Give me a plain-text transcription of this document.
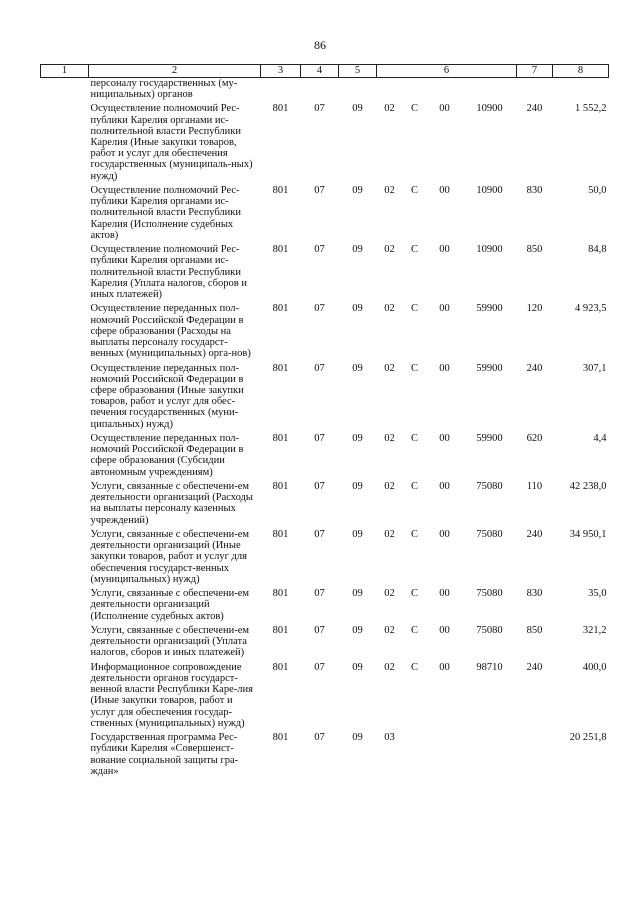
86
1	2	3	4	5	6				7	8
	персоналу государственных (му-ниципальных) органов									
	Осуществление полномочий Рес-публики Карелия органами ис-полнительной власти Республики Карелия (Иные закупки товаров, работ и услуг для обеспечения государственных (муниципаль-ных) нужд)	801	07	09	02	С	00	10900	240	1 552,2
	Осуществление полномочий Рес-публики Карелия органами ис-полнительной власти Республики Карелия (Исполнение судебных актов)	801	07	09	02	С	00	10900	830	50,0
	Осуществление полномочий Рес-публики Карелия органами ис-полнительной власти Республики Карелия (Уплата налогов, сборов и иных платежей)	801	07	09	02	С	00	10900	850	84,8
	Осуществление переданных пол-номочий Российской Федерации в сфере образования (Расходы на выплаты персоналу государст-венных (муниципальных) орга-нов)	801	07	09	02	С	00	59900	120	4 923,5
	Осуществление переданных пол-номочий Российской Федерации в сфере образования (Иные закупки товаров, работ и услуг для обес-печения государственных (муни-ципальных) нужд)	801	07	09	02	С	00	59900	240	307,1
	Осуществление переданных пол-номочий Российской Федерации в сфере образования (Субсидии автономным учреждениям)	801	07	09	02	С	00	59900	620	4,4
	Услуги, связанные с обеспечени-ем деятельности организаций (Расходы на выплаты персоналу казенных учреждений)	801	07	09	02	С	00	75080	110	42 238,0
	Услуги, связанные с обеспечени-ем деятельности организаций (Иные закупки товаров, работ и услуг для обеспечения государст-венных (муниципальных) нужд)	801	07	09	02	С	00	75080	240	34 950,1
	Услуги, связанные с обеспечени-ем деятельности организаций (Исполнение судебных актов)	801	07	09	02	С	00	75080	830	35,0
	Услуги, связанные с обеспечени-ем деятельности организаций (Уплата налогов, сборов и иных платежей)	801	07	09	02	С	00	75080	850	321,2
	Информационное сопровождение деятельности органов государст-венной власти Республики Каре-лия (Иные закупки товаров, работ и услуг для обеспечения государ-ственных (муниципальных) нужд)	801	07	09	02	С	00	98710	240	400,0
	Государственная программа Рес-публики Карелия «Совершенст-вование социальной защиты гра-ждан»	801	07	09	03					20 251,8
